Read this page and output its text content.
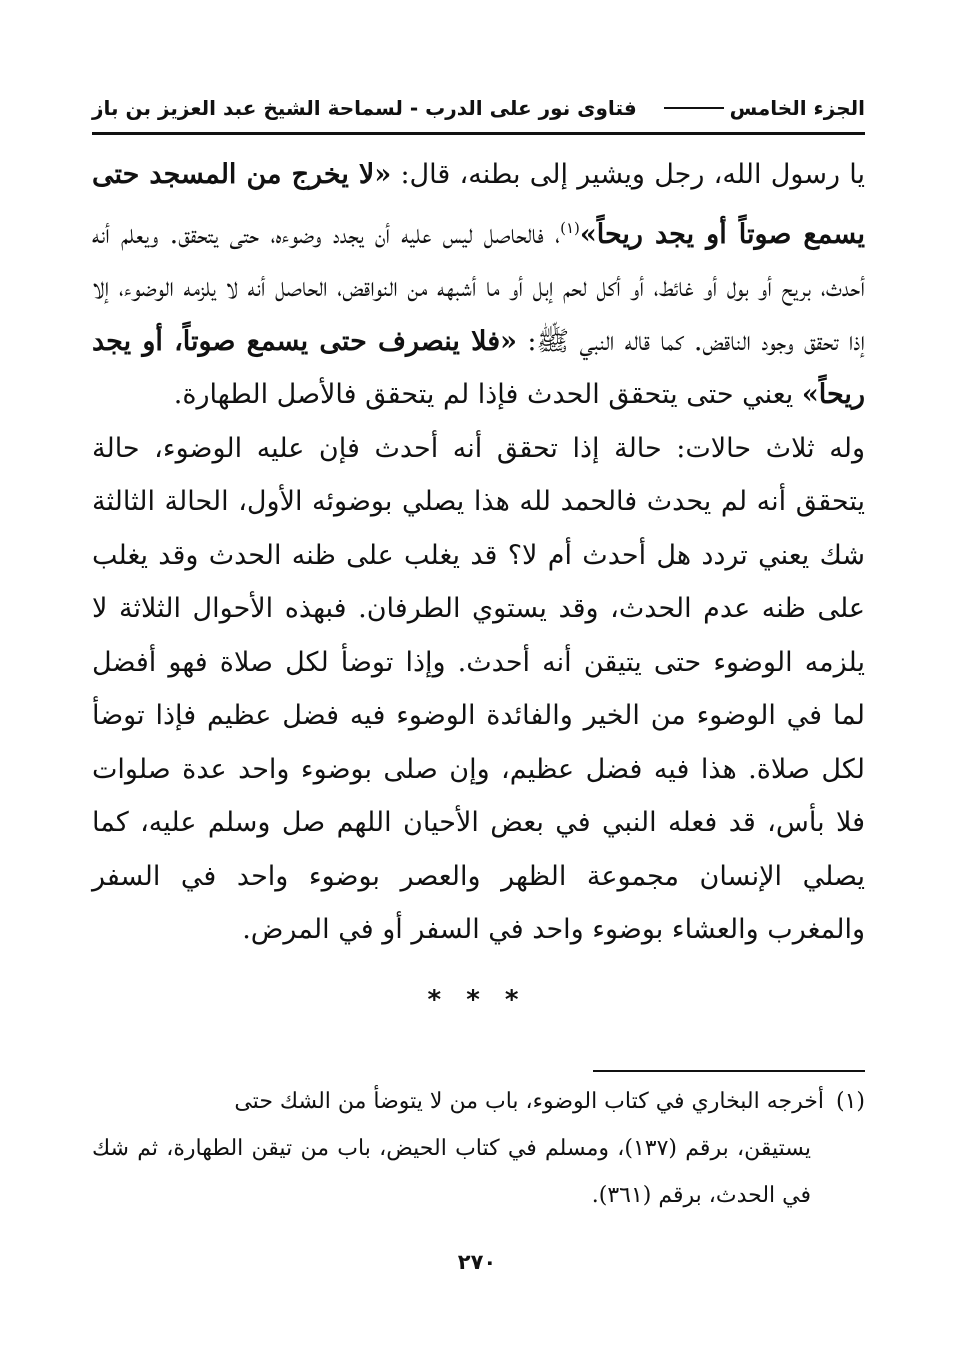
الجزء الخامس
فتاوى نور على الدرب - لسماحة الشيخ عبد العزيز بن باز

يا رسول الله، رجل ويشير إلى بطنه، قال: «لا يخرج من المسجد حتى يسمع صوتاً أو يجد ريحاً»$^{(١)}$، فالحاصل ليس عليه أن يجدد وضوءه، حتى يتحقق. ويعلم أنه أحدث، بريح أو بول أو غائط، أو أكل لحم إبل أو ما أشبهه من النواقض، الحاصل أنه لا يلزمه الوضوء، إلا إذا تحقق وجود الناقض. كما قاله النبي ﷺ: «فلا ينصرف حتى يسمع صوتاً، أو يجد ريحاً» يعني حتى يتحقق الحدث فإذا لم يتحقق فالأصل الطهارة.

وله ثلاث حالات: حالة إذا تحقق أنه أحدث فإن عليه الوضوء، حالة يتحقق أنه لم يحدث فالحمد لله هذا يصلي بوضوئه الأول، الحالة الثالثة شك يعني تردد هل أحدث أم لا؟ قد يغلب على ظنه الحدث وقد يغلب على ظنه عدم الحدث، وقد يستوي الطرفان. فبهذه الأحوال الثلاثة لا يلزمه الوضوء حتى يتيقن أنه أحدث. وإذا توضأ لكل صلاة فهو أفضل لما في الوضوء من الخير والفائدة الوضوء فيه فضل عظيم فإذا توضأ لكل صلاة. هذا فيه فضل عظيم، وإن صلى بوضوء واحد عدة صلوات فلا بأس، قد فعله النبي في بعض الأحيان اللهم صل وسلم عليه، كما يصلي الإنسان مجموعة الظهر والعصر بوضوء واحد في السفر والمغرب والعشاء بوضوء واحد في السفر أو في المرض.

* * *

(١)أخرجه البخاري في كتاب الوضوء، باب من لا يتوضأ من الشك حتى

يستيقن، برقم (١٣٧)، ومسلم في كتاب الحيض، باب من تيقن الطهارة، ثم شك في الحدث، برقم (٣٦١).

٢٧٠
